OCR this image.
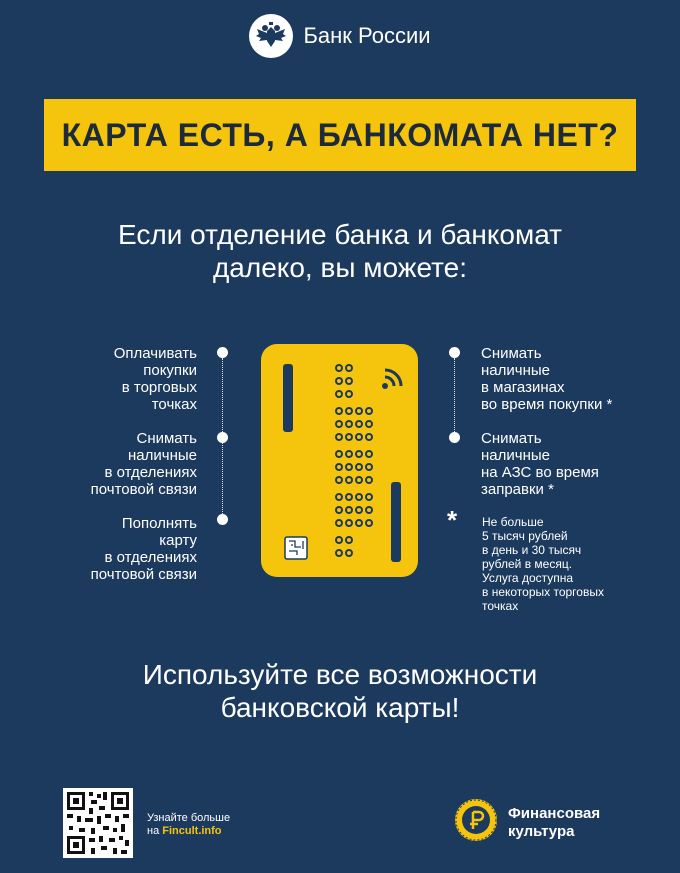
Банк России
КАРТА ЕСТЬ, А БАНКОМАТА НЕТ?
Если отделение банка и банкомат
далеко, вы можете:
Оплачивать
покупки
в торговых
точках
Снимать
наличные
в отделениях
почтовой связи
Пополнять
карту
в отделениях
почтовой связи
Снимать
наличные
в магазинах
во время покупки *
Снимать
наличные
на АЗС во время
заправки *
* Не больше
5 тысяч рублей
в день и 30 тысяч
рублей в месяц.
Услуга доступна
в некоторых торговых
точках
Используйте все возможности
банковской карты!
Узнайте больше
на Fincult.info
Финансовая
культура
